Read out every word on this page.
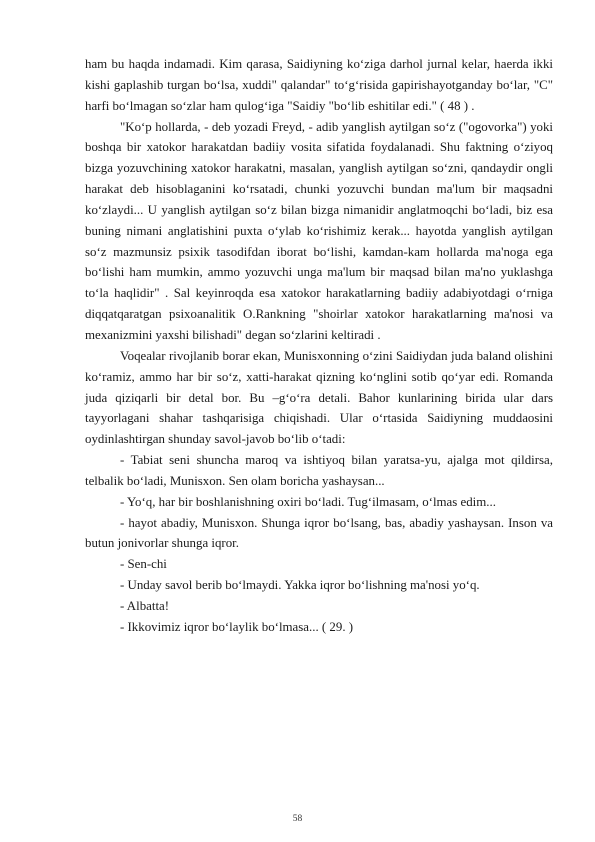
ham bu haqda indamadi. Kim qarasa, Saidiyning ko‘ziga darhol jurnal kelar, haerda ikki kishi gaplashib turgan bo‘lsa, xuddi" qalandar" to‘g‘risida gapirishayotganday bo‘lar, "C" harfi bo‘lmagan so‘zlar ham qulog‘iga "Saidiy "bo‘lib eshitilar edi." ( 48 ) .

"Ko‘p hollarda, - deb yozadi Freyd, - adib yanglish aytilgan so‘z ("ogovorka") yoki boshqa bir xatokor harakatdan badiiy vosita sifatida foydalanadi. Shu faktning o‘ziyoq bizga yozuvchining xatokor harakatni, masalan, yanglish aytilgan so‘zni, qandaydir ongli harakat deb hisoblaganini ko‘rsatadi, chunki yozuvchi bundan ma'lum bir maqsadni ko‘zlaydi... U yanglish aytilgan so‘z bilan bizga nimanidir anglatmoqchi bo‘ladi, biz esa buning nimani anglatishini puxta o‘ylab ko‘rishimiz kerak... hayotda yanglish aytilgan so‘z mazmunsiz psixik tasodifdan iborat bo‘lishi, kamdan-kam hollarda ma'noga ega bo‘lishi ham mumkin, ammo yozuvchi unga ma'lum bir maqsad bilan ma'no yuklashga to‘la haqlidir" . Sal keyinroqda esa xatokor harakatlarning badiiy adabiyotdagi o‘rniga diqqatqaratgan psixoanalitik O.Rankning "shoirlar xatokor harakatlarning ma'nosi va mexanizmini yaxshi bilishadi" degan so‘zlarini keltiradi .

Voqealar rivojlanib borar ekan, Munisxonning o‘zini Saidiydan juda baland olishini ko‘ramiz, ammo har bir so‘z, xatti-harakat qizning ko‘nglini sotib qo‘yar edi. Romanda juda qiziqarli bir detal bor. Bu –g‘o‘ra detali. Bahor kunlarining birida ular dars tayyorlagani shahar tashqarisiga chiqishadi. Ular o‘rtasida Saidiyning muddaosini oydinlashtirgan shunday savol-javob bo‘lib o‘tadi:

- Tabiat seni shuncha maroq va ishtiyoq bilan yaratsa-yu, ajalga mot qildirsa, telbalik bo‘ladi, Munisxon. Sen olam boricha yashaysan...

- Yo‘q, har bir boshlanishning oxiri bo‘ladi. Tug‘ilmasam, o‘lmas edim...

- hayot abadiy, Munisxon. Shunga iqror bo‘lsang, bas, abadiy yashaysan. Inson va butun jonivorlar shunga iqror.

- Sen-chi

- Unday savol berib bo‘lmaydi. Yakka iqror bo‘lishning ma'nosi yo‘q.

- Albatta!

- Ikkovimiz iqror bo‘laylik bo‘lmasa... ( 29. )

58
